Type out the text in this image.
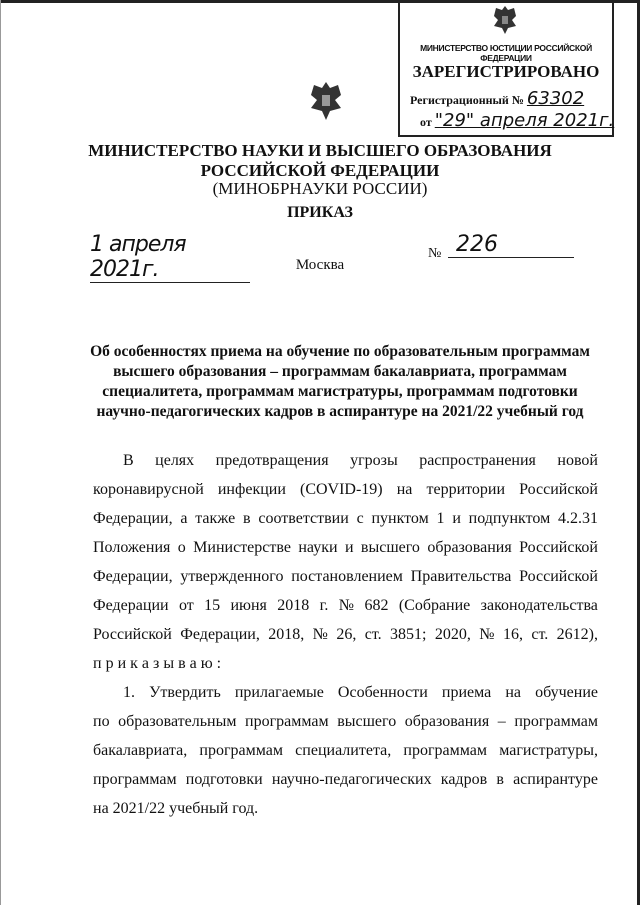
МИНИСТЕРСТВО ЮСТИЦИИ РОССИЙСКОЙ ФЕДЕРАЦИИ
ЗАРЕГИСТРИРОВАНО
Регистрационный № 63302
от "29" апреля 2021г.
МИНИСТЕРСТВО НАУКИ И ВЫСШЕГО ОБРАЗОВАНИЯ
РОССИЙСКОЙ ФЕДЕРАЦИИ
(МИНОБРНАУКИ РОССИИ)
ПРИКАЗ
1 апреля 2021г.
№ 226
Москва
Об особенностях приема на обучение по образовательным программам
высшего образования – программам бакалавриата, программам
специалитета, программам магистратуры, программам подготовки
научно-педагогических кадров в аспирантуре на 2021/22 учебный год
В целях предотвращения угрозы распространения новой
коронавирусной инфекции (COVID-19) на территории Российской
Федерации, а также в соответствии с пунктом 1 и подпунктом 4.2.31
Положения о Министерстве науки и высшего образования Российской
Федерации, утвержденного постановлением Правительства Российской
Федерации от 15 июня 2018 г. № 682 (Собрание законодательства
Российской Федерации, 2018, № 26, ст. 3851; 2020, № 16, ст. 2612),
п р и к а з ы в а ю :
1. Утвердить прилагаемые Особенности приема на обучение
по образовательным программам высшего образования – программам
бакалавриата, программам специалитета, программам магистратуры,
программам подготовки научно-педагогических кадров в аспирантуре
на 2021/22 учебный год.
